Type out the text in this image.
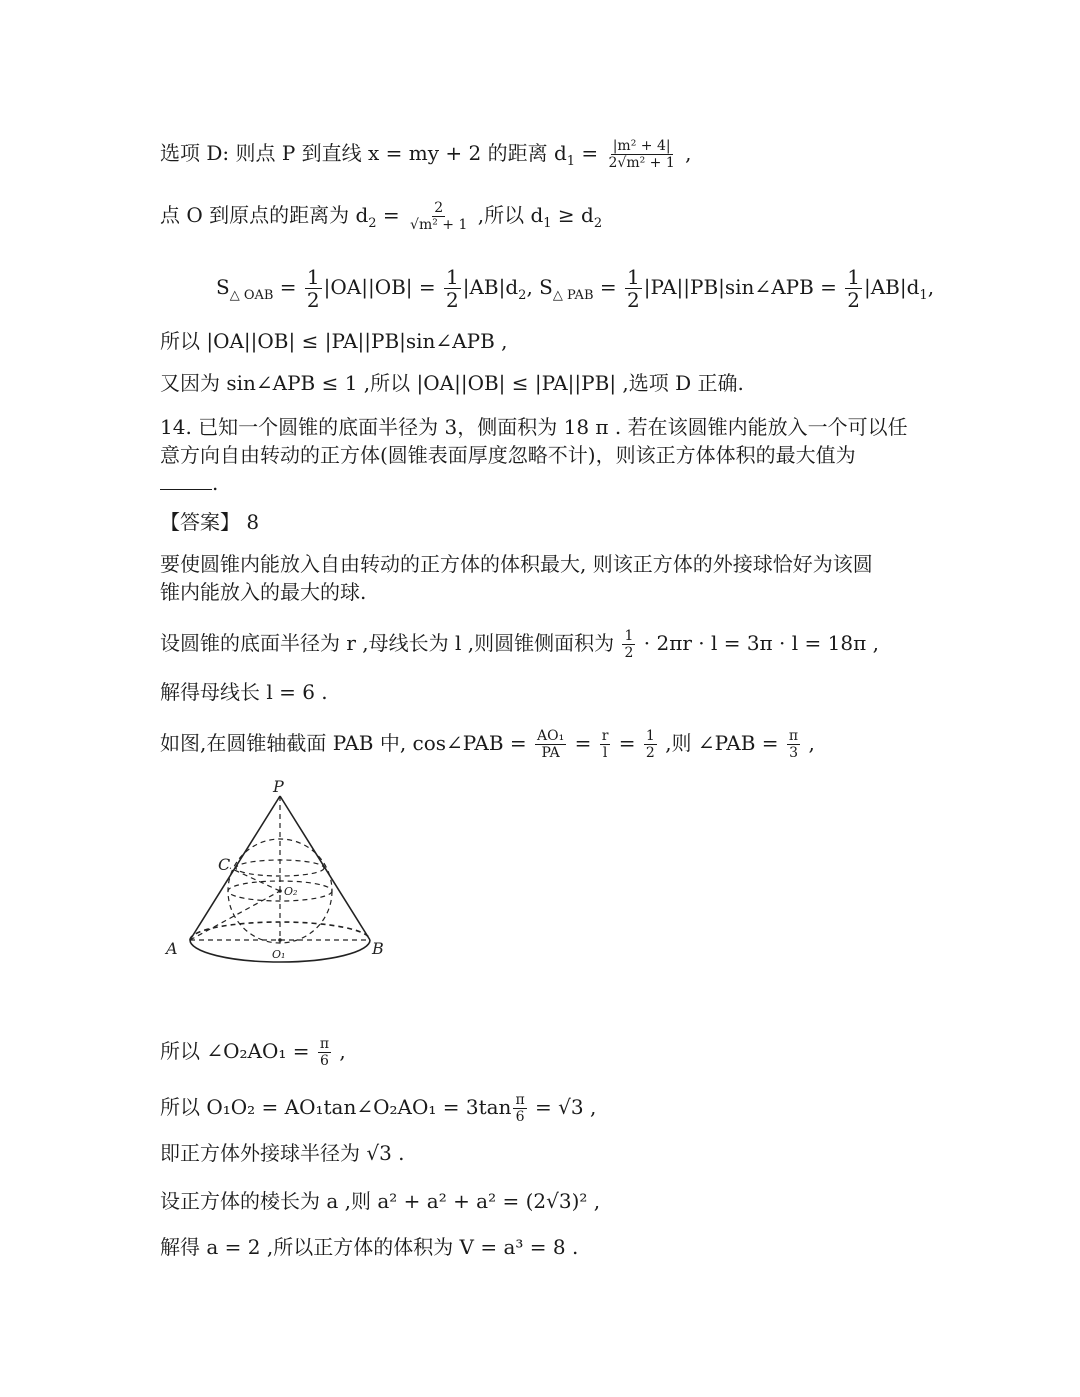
选项 D: 则点 P 到直线 x = my + 2 的距离 $d_1 = \frac{\text{|m² + 4|}}{\text{2√m² + 1}}$ ,
点 O 到原点的距离为 $d_2 = \frac{2}{\text{√m² + 1}}$ ,所以 $d_1 \ge d_2$
$S_{\triangle OAB} = \frac{1}{2} |OA||OB| = \frac{1}{2} |AB|d_2$, $S_{\triangle PAB} = \frac{1}{2}$ |PA||PB|sin∠APB = $\frac{1}{2} |AB|d_1$,
所以 |OA||OB| ≤ |PA||PB|sin∠APB ,
又因为 sin∠APB ≤ 1 ,所以 |OA||OB| ≤ |PA||PB| ,选项 D 正确.
14. 已知一个圆锥的底面半径为 3，侧面积为 18 π . 若在该圆锥内能放入一个可以任
意方向自由转动的正方体(圆锥表面厚度忽略不计)，则该正方体体积的最大值为
.
【答案】 8
要使圆锥内能放入自由转动的正方体的体积最大, 则该正方体的外接球恰好为该圆
锥内能放入的最大的球.
设圆锥的底面半径为 r ,母线长为 l ,则圆锥侧面积为 $\frac{1}{2} \cdot 2\pi r \cdot l = 3\pi \cdot l = 18\pi$ ,
解得母线长 l = 6 .
如图,在圆锥轴截面 PAB 中, cos∠PAB = $\frac{\text{AO₁}}{PA} = \frac{r}{l} = \frac{1}{2}$ ,则 ∠PAB = $\frac{\pi}{3}$ ,
P
C
A	B
O₂
O₁
所以 ∠O₂AO₁ = $\frac{\pi}{6}$ ,
所以 O₁O₂ = AO₁tan∠O₂AO₁ = $3\tan \frac{\pi}{6} = √3$ ,
即正方体外接球半径为 √3 .
设正方体的棱长为 a ,则 a² + a² + a² = (2√3)² ,
解得 a = 2 ,所以正方体的体积为 V = a³ = 8 .
